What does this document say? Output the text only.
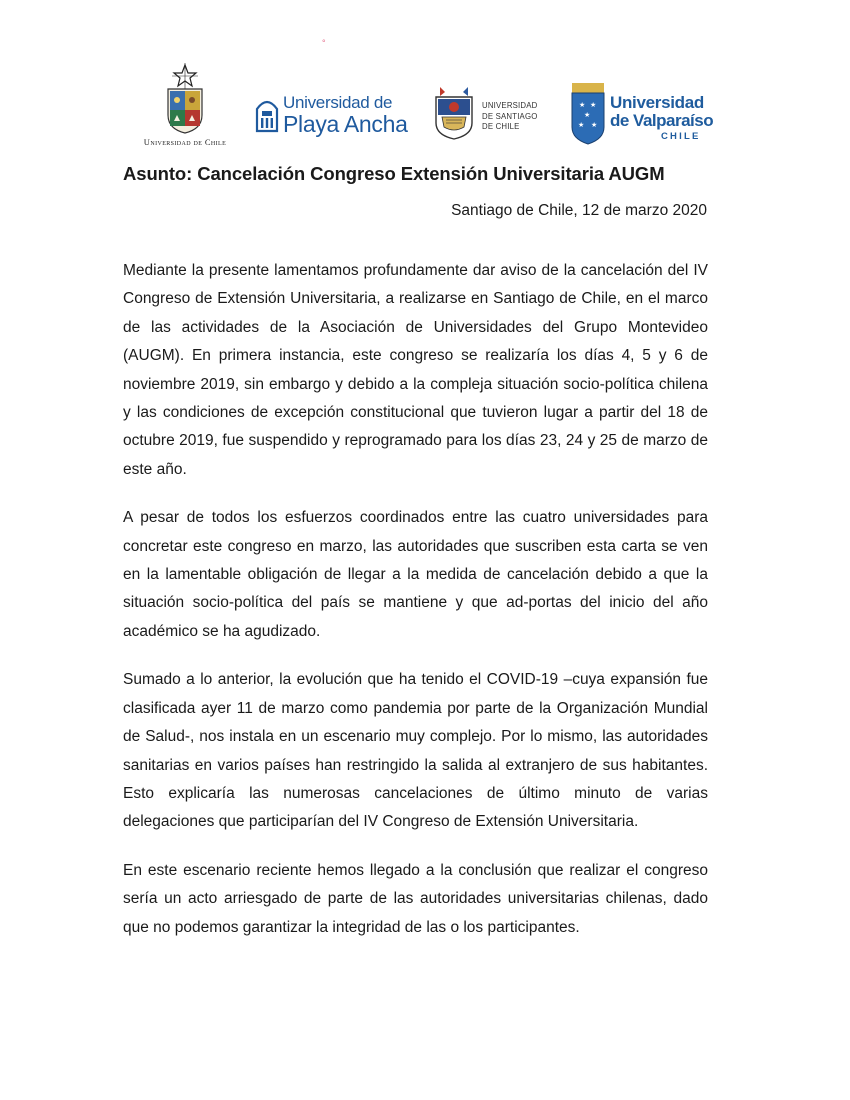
°
Universidad de Chile
Universidad de
Playa Ancha
UNIVERSIDAD
DE SANTIAGO
DE CHILE
★ ★
★
★ ★
Universidad
de Valparaíso
CHILE
Asunto: Cancelación Congreso Extensión Universitaria AUGM
Santiago de Chile, 12 de marzo 2020

Mediante la presente lamentamos profundamente dar aviso de la cancelación del IV Congreso de Extensión Universitaria, a realizarse en Santiago de Chile, en el marco de las actividades de la Asociación de Universidades del Grupo Montevideo (AUGM). En primera instancia, este congreso se realizaría los días 4, 5 y 6 de noviembre 2019, sin embargo y debido a la compleja situación socio-política chilena y las condiciones de excepción constitucional que tuvieron lugar a partir del 18 de octubre 2019, fue suspendido y reprogramado para los días 23, 24 y 25 de marzo de este año.

A pesar de todos los esfuerzos coordinados entre las cuatro universidades para concretar este congreso en marzo, las autoridades que suscriben esta carta se ven en la lamentable obligación de llegar a la medida de cancelación debido a que la situación socio-política del país se mantiene y que ad-portas del inicio del año académico se ha agudizado.

Sumado a lo anterior, la evolución que ha tenido el COVID-19 –cuya expansión fue clasificada ayer 11 de marzo como pandemia por parte de la Organización Mundial de Salud-, nos instala en un escenario muy complejo. Por lo mismo, las autoridades sanitarias en varios países han restringido la salida al extranjero de sus habitantes. Esto explicaría las numerosas cancelaciones de último minuto de varias delegaciones que participarían del IV Congreso de Extensión Universitaria.

En este escenario reciente hemos llegado a la conclusión que realizar el congreso sería un acto arriesgado de parte de las autoridades universitarias chilenas, dado que no podemos garantizar la integridad de las o los participantes.
